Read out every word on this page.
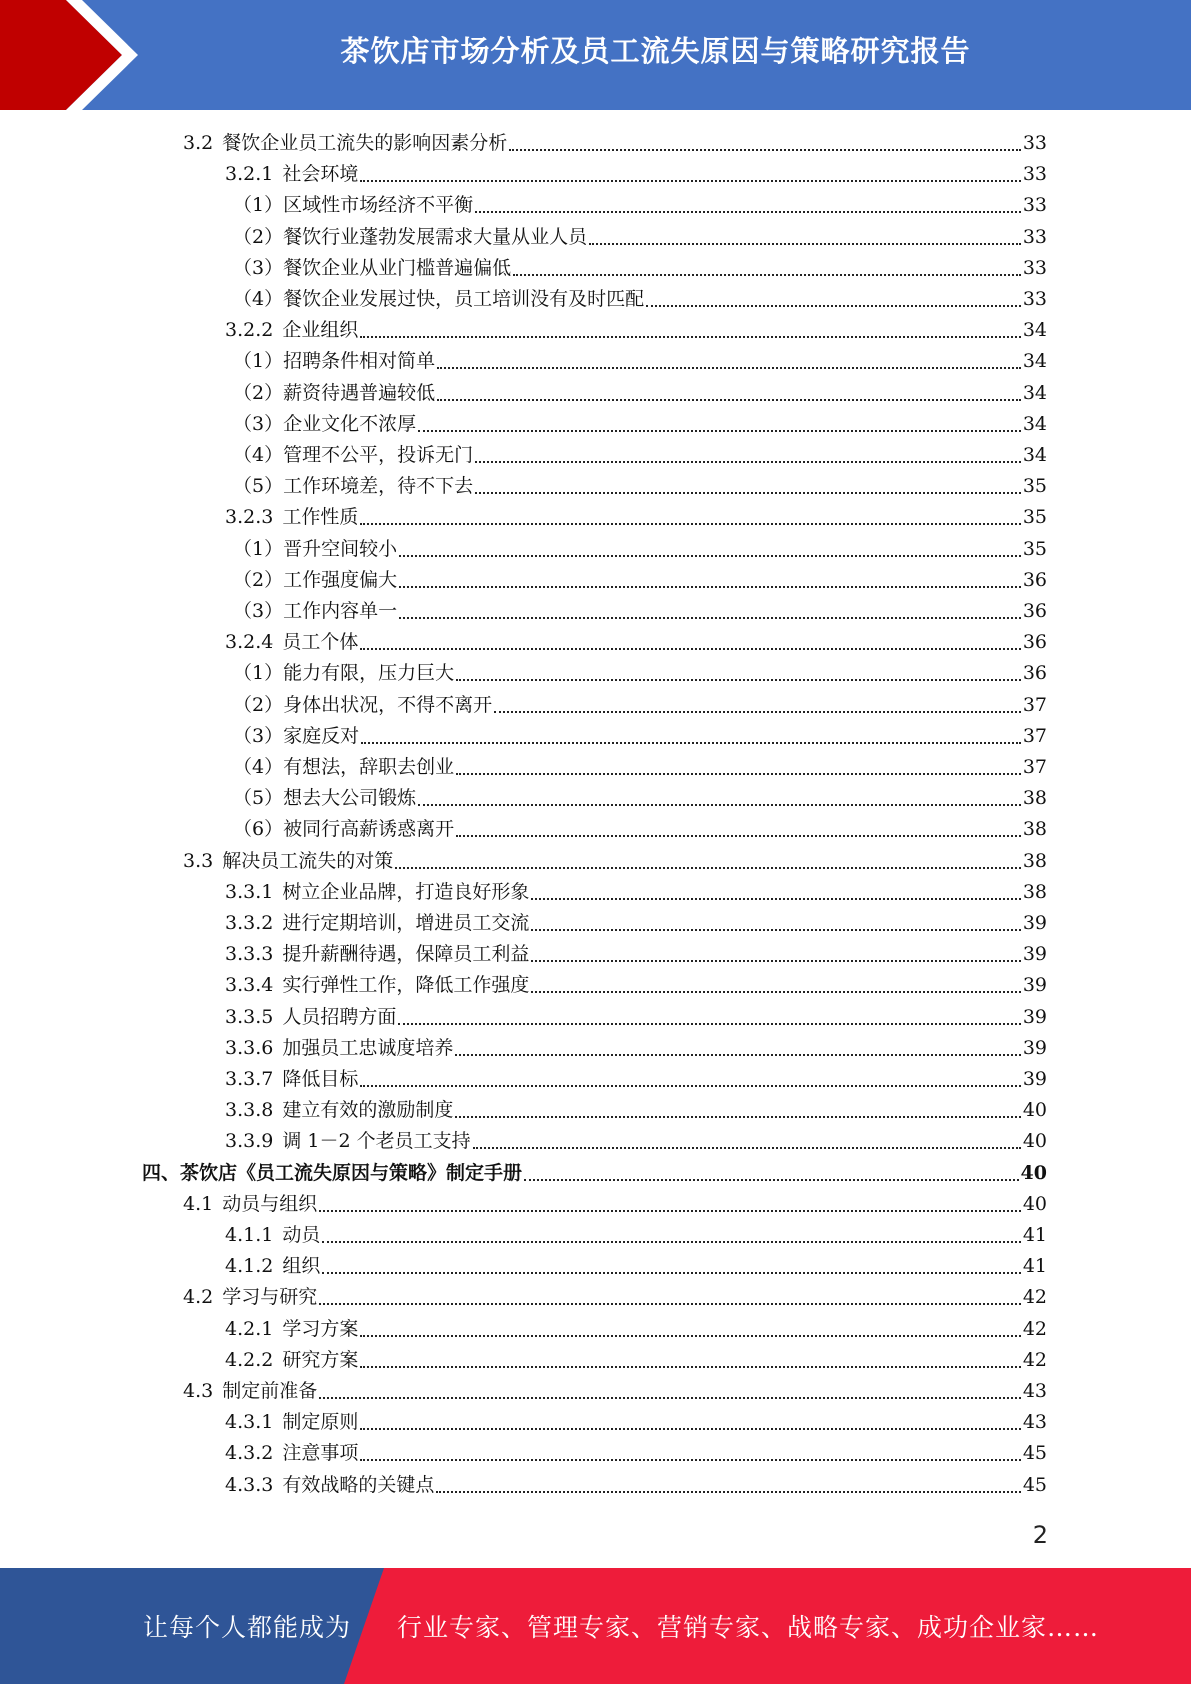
茶饮店市场分析及员工流失原因与策略研究报告
3.2 餐饮企业员工流失的影响因素分析	33
3.2.1 社会环境	33
（1）区域性市场经济不平衡	33
（2）餐饮行业蓬勃发展需求大量从业人员	33
（3）餐饮企业从业门槛普遍偏低	33
（4）餐饮企业发展过快，员工培训没有及时匹配	33
3.2.2 企业组织	34
（1）招聘条件相对简单	34
（2）薪资待遇普遍较低	34
（3）企业文化不浓厚	34
（4）管理不公平，投诉无门	34
（5）工作环境差，待不下去	35
3.2.3 工作性质	35
（1）晋升空间较小	35
（2）工作强度偏大	36
（3）工作内容单一	36
3.2.4 员工个体	36
（1）能力有限，压力巨大	36
（2）身体出状况，不得不离开	37
（3）家庭反对	37
（4）有想法，辞职去创业	37
（5）想去大公司锻炼	38
（6）被同行高薪诱惑离开	38
3.3 解决员工流失的对策	38
3.3.1 树立企业品牌，打造良好形象	38
3.3.2 进行定期培训，增进员工交流	39
3.3.3 提升薪酬待遇，保障员工利益	39
3.3.4 实行弹性工作，降低工作强度	39
3.3.5 人员招聘方面	39
3.3.6 加强员工忠诚度培养	39
3.3.7 降低目标	39
3.3.8 建立有效的激励制度	40
3.3.9 调 1－2 个老员工支持	40
四、茶饮店《员工流失原因与策略》制定手册	40
4.1 动员与组织	40
4.1.1 动员	41
4.1.2 组织	41
4.2 学习与研究	42
4.2.1 学习方案	42
4.2.2 研究方案	42
4.3 制定前准备	43
4.3.1 制定原则	43
4.3.2 注意事项	45
4.3.3 有效战略的关键点	45
2
让每个人都能成为 行业专家、管理专家、营销专家、战略专家、成功企业家……
